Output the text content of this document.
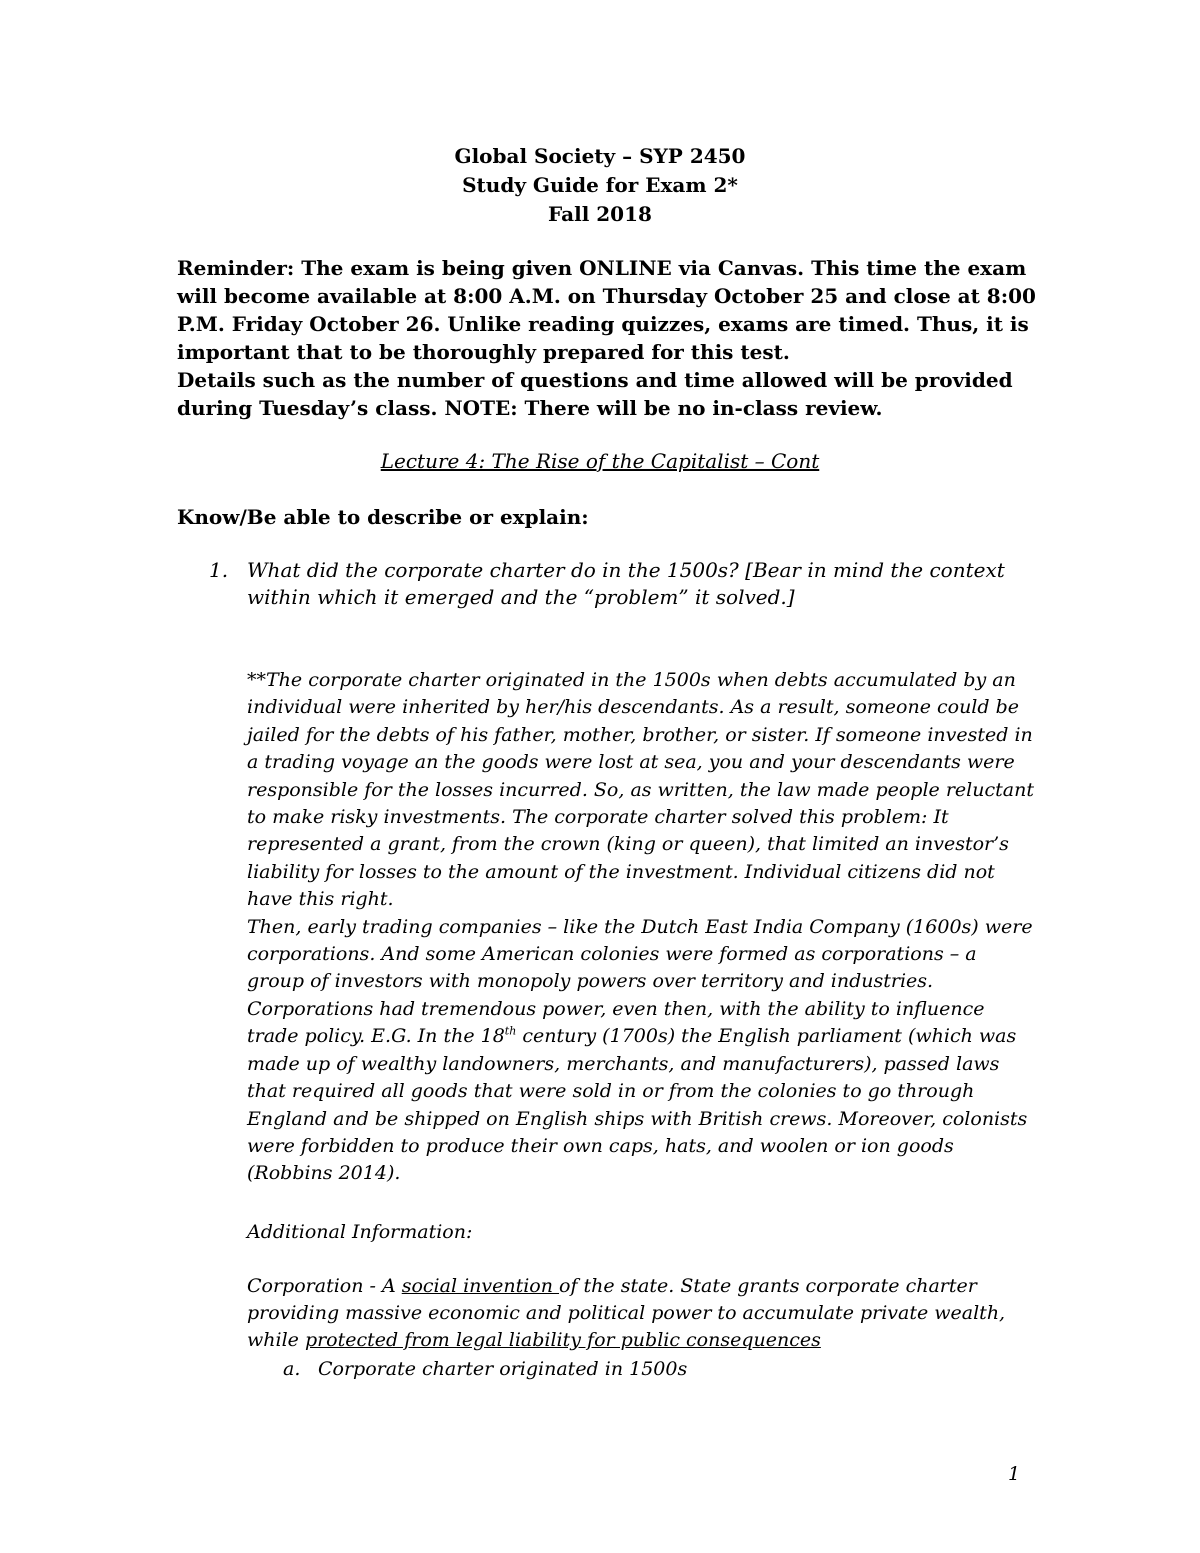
Global Society – SYP 2450
Study Guide for Exam 2*
Fall 2018

Reminder: The exam is being given ONLINE via Canvas. This time the exam will become available at 8:00 A.M. on Thursday October 25 and close at 8:00 P.M. Friday October 26. Unlike reading quizzes, exams are timed. Thus, it is important that to be thoroughly prepared for this test.

Details such as the number of questions and time allowed will be provided during Tuesday’s class. NOTE: There will be no in-class review.

Lecture 4: The Rise of the Capitalist – Cont
Know/Be able to describe or explain:
1. What did the corporate charter do in the 1500s? [Bear in mind the context within which it emerged and the “problem” it solved.]

**The corporate charter originated in the 1500s when debts accumulated by an individual were inherited by her/his descendants. As a result, someone could be jailed for the debts of his father, mother, brother, or sister. If someone invested in a trading voyage an the goods were lost at sea, you and your descendants were responsible for the losses incurred. So, as written, the law made people reluctant to make risky investments. The corporate charter solved this problem: It represented a grant, from the crown (king or queen), that limited an investor’s liability for losses to the amount of the investment. Individual citizens did not have this right.

Then, early trading companies – like the Dutch East India Company (1600s) were corporations. And some American colonies were formed as corporations – a group of investors with monopoly powers over territory and industries. Corporations had tremendous power, even then, with the ability to influence trade policy. E.G. In the 18th century (1700s) the English parliament (which was made up of wealthy landowners, merchants, and manufacturers), passed laws that required all goods that were sold in or from the colonies to go through England and be shipped on English ships with British crews. Moreover, colonists were forbidden to produce their own caps, hats, and woolen or ion goods (Robbins 2014).

Additional Information:
Corporation - A social invention of the state. State grants corporate charter providing massive economic and political power to accumulate private wealth, while protected from legal liability for public consequences
a. Corporate charter originated in 1500s
1
